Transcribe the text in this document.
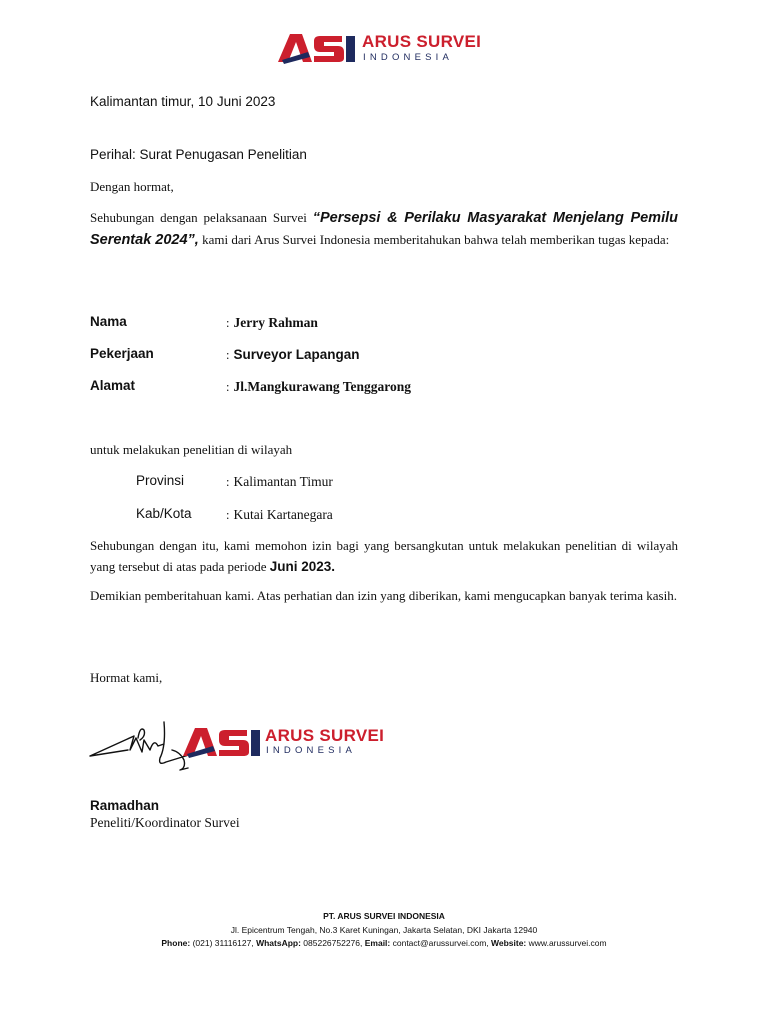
ARUS SURVEI
INDONESIA
Kalimantan timur, 10 Juni 2023
Perihal: Surat Penugasan Penelitian
Dengan hormat,
Sehubungan dengan pelaksanaan Survei “Persepsi & Perilaku Masyarakat Menjelang Pemilu Serentak 2024”, kami dari Arus Survei Indonesia memberitahukan bahwa telah memberikan tugas kepada:
Nama	: Jerry Rahman
Pekerjaan	: Surveyor Lapangan
Alamat	: Jl.Mangkurawang Tenggarong
untuk melakukan penelitian di wilayah
Provinsi	: Kalimantan Timur
Kab/Kota	: Kutai Kartanegara
Sehubungan dengan itu, kami memohon izin bagi yang bersangkutan untuk melakukan penelitian di wilayah yang tersebut di atas pada periode Juni 2023.
Demikian pemberitahuan kami. Atas perhatian dan izin yang diberikan, kami mengucapkan banyak terima kasih.
Hormat kami,
ARUS SURVEI
INDONESIA
Ramadhan
Peneliti/Koordinator Survei
PT. ARUS SURVEI INDONESIA
Jl. Epicentrum Tengah, No.3 Karet Kuningan, Jakarta Selatan, DKI Jakarta 12940
Phone: (021) 31116127, WhatsApp: 085226752276, Email: contact@arussurvei.com, Website: www.arussurvei.com
